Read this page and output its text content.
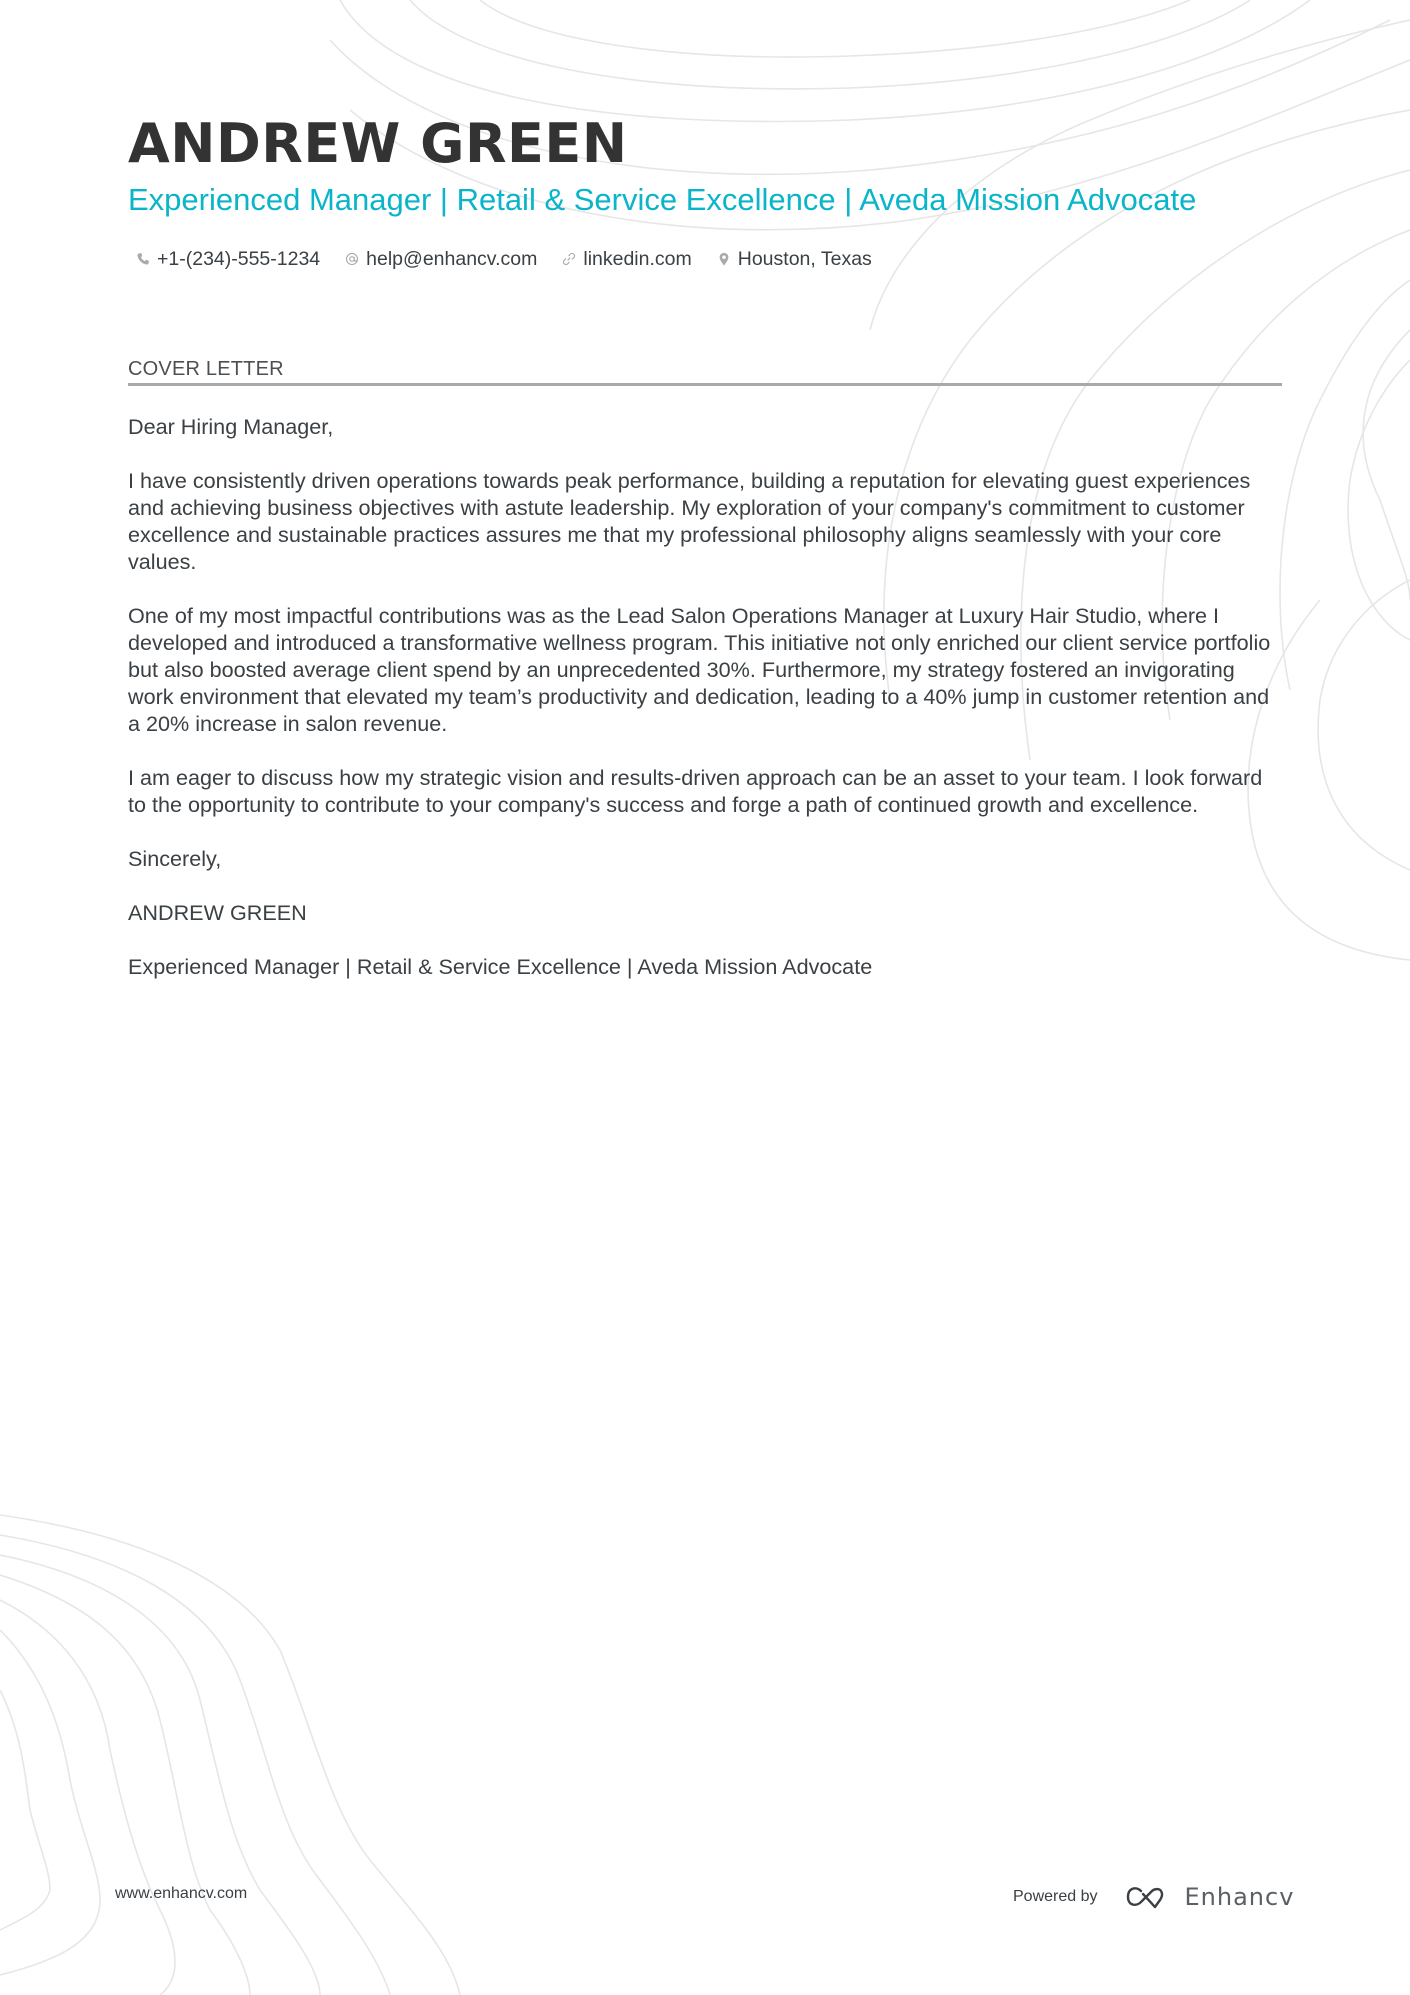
ANDREW GREEN
Experienced Manager | Retail & Service Excellence | Aveda Mission Advocate
+1-(234)-555-1234 help@enhancv.com linkedin.com Houston, Texas
COVER LETTER

Dear Hiring Manager,

I have consistently driven operations towards peak performance, building a reputation for elevating guest experiences and achieving business objectives with astute leadership. My exploration of your company's commitment to customer excellence and sustainable practices assures me that my professional philosophy aligns seamlessly with your core values.

One of my most impactful contributions was as the Lead Salon Operations Manager at Luxury Hair Studio, where I developed and introduced a transformative wellness program. This initiative not only enriched our client service portfolio but also boosted average client spend by an unprecedented 30%. Furthermore, my strategy fostered an invigorating work environment that elevated my team’s productivity and dedication, leading to a 40% jump in customer retention and a 20% increase in salon revenue.

I am eager to discuss how my strategic vision and results-driven approach can be an asset to your team. I look forward to the opportunity to contribute to your company's success and forge a path of continued growth and excellence.

Sincerely,

ANDREW GREEN

Experienced Manager | Retail & Service Excellence | Aveda Mission Advocate

www.enhancv.com	Powered by	Enhancv
